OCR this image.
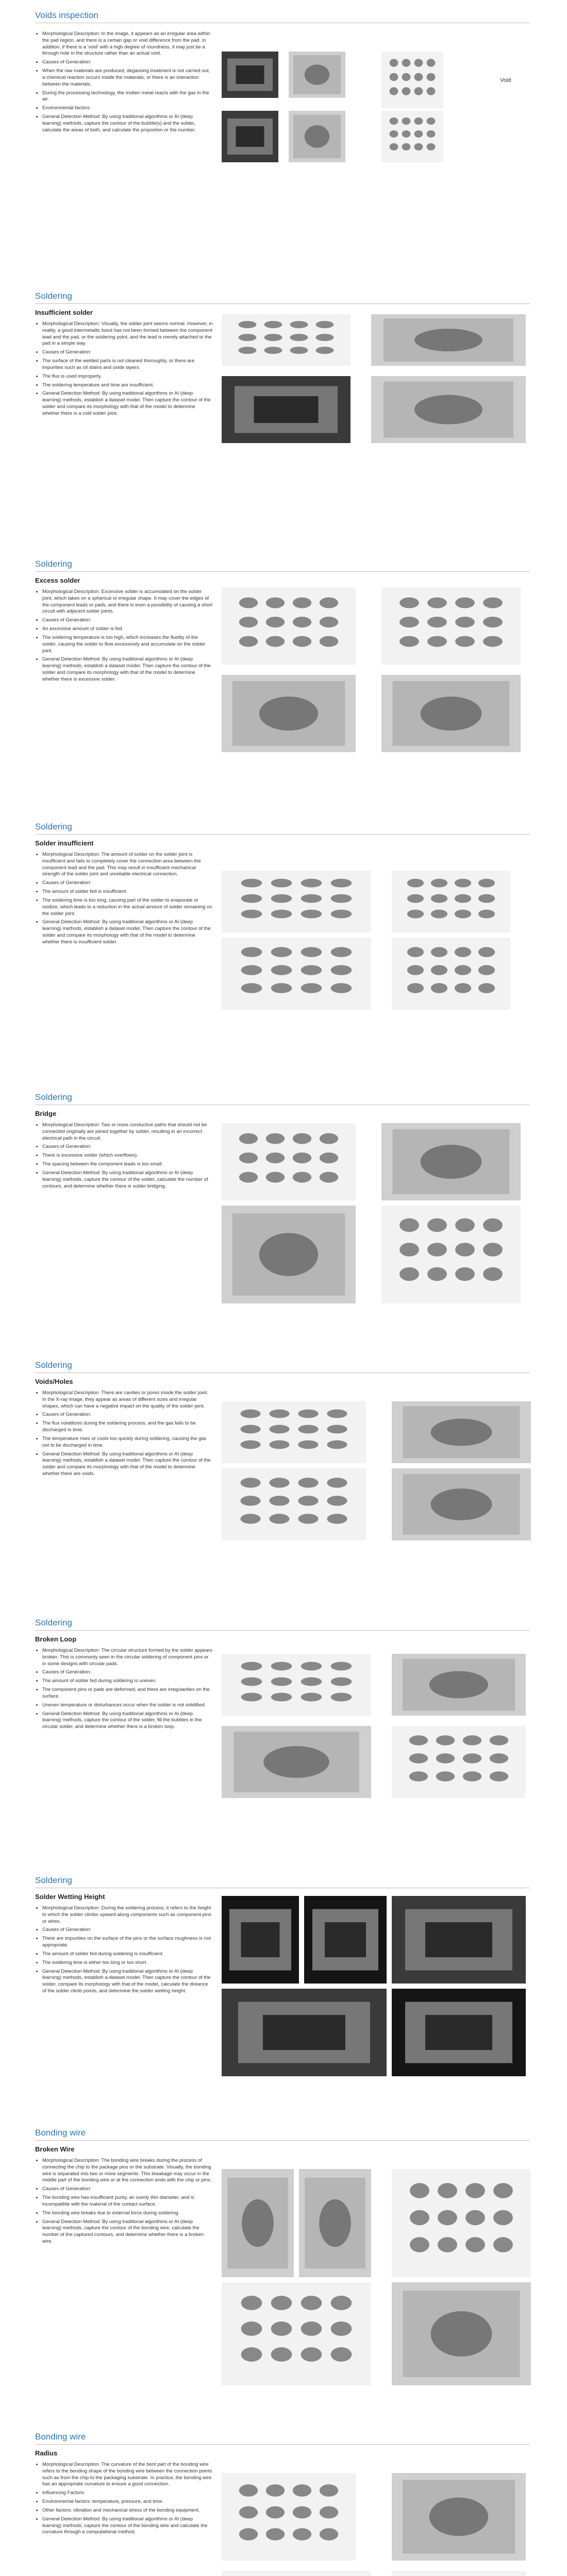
Voids inspection
• Morphological Description: In the image, it appears as an irregular area within the pad region, and there is a certain gap or void difference from the pad. In addition, if there is a 'void' with a high degree of roundness, it may just be a through hole in the structure rather than an actual void.
• Causes of Generation:
• When the raw materials are produced, degassing treatment is not carried out, a chemical reaction occurs inside the materials, or there is an interaction between the materials.
• During the processing technology, the molten metal reacts with the gas in the air.
• Environmental factors.
• General Detection Method: By using traditional algorithms or AI (deep learning) methods, capture the contour of the bubble(s) and the solder, calculate the areas of both, and calculate the proportion or the number.
Void
Soldering
Insufficient solder
• Morphological Description: Visually, the solder joint seems normal. However, in reality, a good intermetallic bond has not been formed between the component lead and the pad, or the soldering point, and the lead is merely attached to the pad in a simple way.
• Causes of Generation:
• The surface of the welded parts is not cleaned thoroughly, or there are impurities such as oil stains and oxide layers.
• The flux is used improperly.
• The soldering temperature and time are insufficient.
• General Detection Method: By using traditional algorithms or AI (deep learning) methods, establish a dataset model. Then capture the contour of the solder and compare its morphology with that of the model to determine whether there is a cold solder joint.
Soldering
Excess solder
• Morphological Description: Excessive solder is accumulated on the solder joint, which takes on a spherical or irregular shape. It may cover the edges of the component leads or pads, and there is even a possibility of causing a short circuit with adjacent solder joints.
• Causes of Generation:
• An excessive amount of solder is fed.
• The soldering temperature is too high, which increases the fluidity of the solder, causing the solder to flow excessively and accumulate on the solder joint.
• General Detection Method: By using traditional algorithms or AI (deep learning) methods, establish a dataset model. Then capture the contour of the solder and compare its morphology with that of the model to determine whether there is excessive solder.
Soldering
Solder insufficient
• Morphological Description: The amount of solder on the solder joint is insufficient and fails to completely cover the connection area between the component lead and the pad. This may result in insufficient mechanical strength of the solder joint and unreliable electrical connection.
• Causes of Generation:
• The amount of solder fed is insufficient.
• The soldering time is too long, causing part of the solder to evaporate or oxidize, which leads to a reduction in the actual amount of solder remaining on the solder joint.
• General Detection Method: By using traditional algorithms or AI (deep learning) methods, establish a dataset model. Then capture the contour of the solder and compare its morphology with that of the model to determine whether there is insufficient solder.
Soldering
Bridge
• Morphological Description: Two or more conductive paths that should not be connected originally are joined together by solder, resulting in an incorrect electrical path in the circuit.
• Causes of Generation:
• There is excessive solder (which overflows).
• The spacing between the component leads is too small.
• General Detection Method: By using traditional algorithms or AI (deep learning) methods, capture the contour of the solder, calculate the number of contours, and determine whether there is solder bridging.
Soldering
Voids/Holes
• Morphological Description: There are cavities or pores inside the solder joint. In the X-ray image, they appear as areas of different sizes and irregular shapes, which can have a negative impact on the quality of the solder joint.
• Causes of Generation:
• The flux volatilizes during the soldering process, and the gas fails to be discharged in time.
• The temperature rises or cools too quickly during soldering, causing the gas not to be discharged in time.
• General Detection Method: By using traditional algorithms or AI (deep learning) methods, establish a dataset model. Then capture the contour of the solder and compare its morphology with that of the model to determine whether there are voids.
Soldering
Broken Loop
• Morphological Description: The circular structure formed by the solder appears broken. This is commonly seen in the circular soldering of component pins or in some designs with circular pads.
• Causes of Generation:
• The amount of solder fed during soldering is uneven.
• The component pins or pads are deformed, and there are irregularities on the surface.
• Uneven temperature or disturbances occur when the solder is not solidified.
• General Detection Method: By using traditional algorithms or AI (deep learning) methods, capture the contour of the solder, fill the bubbles in the circular solder, and determine whether there is a broken loop.
Soldering
Solder Wetting Height
• Morphological Description: During the soldering process, it refers to the height to which the solder climbs upward along components such as component pins or wires.
• Causes of Generation:
• There are impurities on the surface of the pins or the surface roughness is not appropriate.
• The amount of solder fed during soldering is insufficient.
• The soldering time is either too long or too short.
• General Detection Method: By using traditional algorithms or AI (deep learning) methods, establish a dataset model. Then capture the contour of the solder, compare its morphology with that of the model, calculate the distance of the solder climb points, and determine the solder wetting height.
Bonding wire
Broken Wire
• Morphological Description: The bonding wire breaks during the process of connecting the chip to the package pins or the substrate. Visually, the bonding wire is separated into two or more segments. This breakage may occur in the middle part of the bonding wire or at the connection ends with the chip or pins.
• Causes of Generation:
• The bonding wire has insufficient purity, an overly thin diameter, and is incompatible with the material of the contact surface.
• The bonding wire breaks due to external force during soldering.
• General Detection Method: By using traditional algorithms or AI (deep learning) methods, capture the contour of the bonding wire, calculate the number of the captured contours, and determine whether there is a broken wire.
Bonding wire
Radius
• Morphological Description: The curvature of the bent part of the bonding wire refers to the bending shape of the bonding wire between the connection points such as from the chip to the packaging substrate. In practice, the bonding wire has an appropriate curvature to ensure a good connection.
• Influencing Factors:
• Environmental factors: temperature, pressure, and time.
• Other factors: vibration and mechanical stress of the bonding equipment.
• General Detection Method: By using traditional algorithms or AI (deep learning) methods, capture the contour of the bonding wire and calculate the curvature through a computational method.
